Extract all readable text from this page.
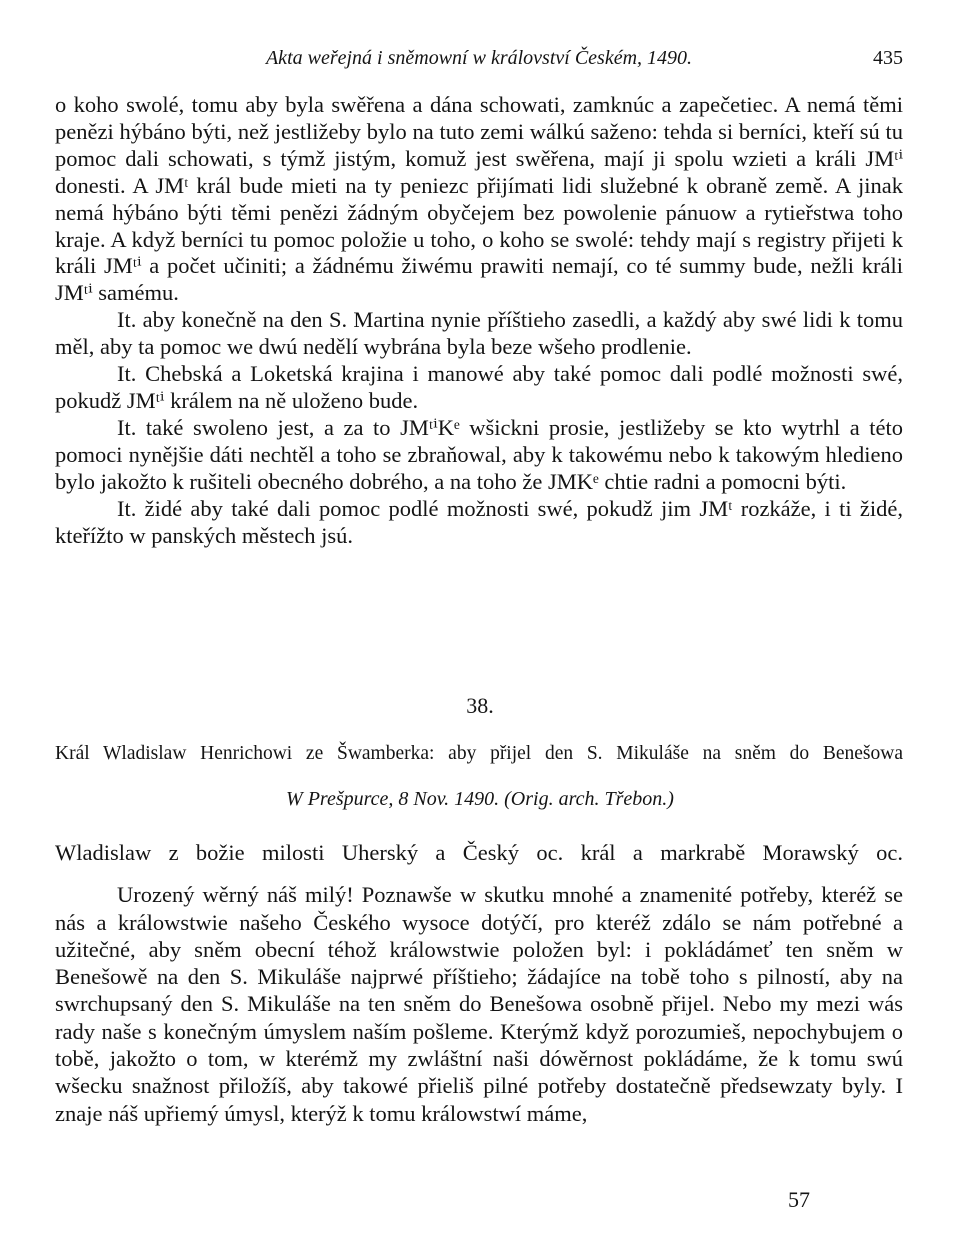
Akta weřejná i sněmowní w království Českém, 1490.	435

o koho swolé, tomu aby byla swěřena a dána schowati, zamknúc a zapečetiec. A nemá těmi penězi hýbáno býti, než jestližeby bylo na tuto zemi wálkú saženo: tehda si berníci, kteří sú tu pomoc dali schowati, s týmž jistým, komuž jest swěřena, mají ji spolu wzieti a králi JMᵗⁱ donesti. A JMᵗ král bude mieti na ty peniezc přijímati lidi služebné k obraně země. A jinak nemá hýbáno býti těmi penězi žádným obyčejem bez powolenie pánuow a rytieřstwa toho kraje. A když berníci tu pomoc položie u toho, o koho se swolé: tehdy mají s registry přijeti k králi JMᵗⁱ a počet učiniti; a žádnému žiwému prawiti nemají, co té summy bude, nežli králi JMᵗⁱ samému.

It. aby konečně na den S. Martina nynie příštieho zasedli, a každý aby swé lidi k tomu měl, aby ta pomoc we dwú nedělí wybrána byla beze wšeho prodlenie.

It. Chebská a Loketská krajina i manowé aby také pomoc dali podlé možnosti swé, pokudž JMᵗⁱ králem na ně uloženo bude.

It. také swoleno jest, a za to JMᵗⁱKᵉ wšickni prosie, jestližeby se kto wytrhl a této pomoci nynějšie dáti nechtěl a toho se zbraňowal, aby k takowému nebo k takowým hledieno bylo jakožto k rušiteli obecného dobrého, a na toho že JMKᵉ chtie radni a pomocni býti.

It. židé aby také dali pomoc podlé možnosti swé, pokudž jim JMᵗ rozkáže, i ti židé, kteřížto w panských městech jsú.

38.
Král Wladislaw Henrichowi ze Šwamberka: aby přijel den S. Mikuláše na sněm do Benešowa
W Prešpurce, 8 Nov. 1490. (Orig. arch. Třebon.)

Wladislaw z božie milosti Uherský a Český oc. král a markrabě Morawský oc.

Urozený wěrný náš milý! Poznawše w skutku mnohé a znamenité potřeby, kteréž se nás a králowstwie našeho Českého wysoce dotýčí, pro kteréž zdálo se nám potřebné a užitečné, aby sněm obecní téhož králowstwie položen byl: i pokládámeť ten sněm w Benešowě na den S. Mikuláše najprwé příštieho; žádajíce na tobě toho s pilností, aby na swrchupsaný den S. Mikuláše na ten sněm do Benešowa osobně přijel. Nebo my mezi wás rady naše s konečným úmyslem naším pošleme. Kterýmž když porozumieš, nepochybujem o tobě, jakožto o tom, w kterémž my zwláštní naši dówěrnost pokládáme, že k tomu swú wšecku snažnost přiložíš, aby takowé přieliš pilné potřeby dostatečně předsewzaty byly. I znaje náš upřiemý úmysl, kterýž k tomu králowstwí máme,

57
